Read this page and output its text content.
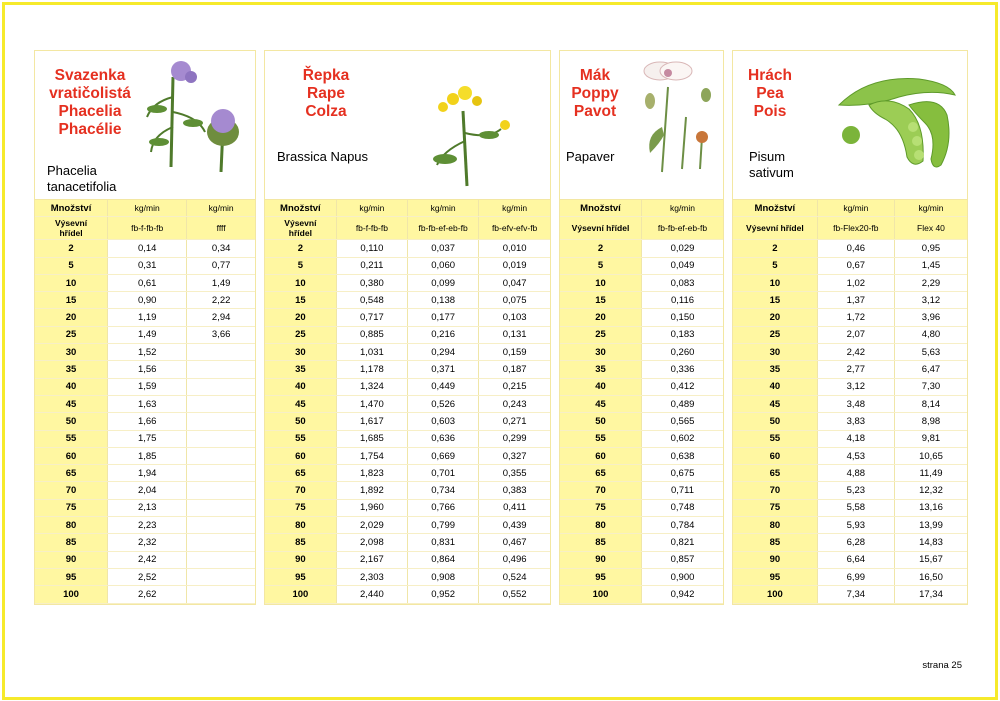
Svazenka
vratičolistá
Phacelia
Phacélie
Phacelia
tanacetifolia
Množství	kg/min	kg/min
Výsevní
hřídel	fb-f-fb-fb	ffff
2	0,14	0,34
5	0,31	0,77
10	0,61	1,49
15	0,90	2,22
20	1,19	2,94
25	1,49	3,66
30	1,52	
35	1,56	
40	1,59	
45	1,63	
50	1,66	
55	1,75	
60	1,85	
65	1,94	
70	2,04	
75	2,13	
80	2,23	
85	2,32	
90	2,42	
95	2,52	
100	2,62	
Řepka
Rape
Colza
Brassica Napus
Množství	kg/min	kg/min	kg/min
Výsevní
hřídel	fb-f-fb-fb	fb-fb-ef-eb-fb	fb-efv-efv-fb
2	0,110	0,037	0,010
5	0,211	0,060	0,019
10	0,380	0,099	0,047
15	0,548	0,138	0,075
20	0,717	0,177	0,103
25	0,885	0,216	0,131
30	1,031	0,294	0,159
35	1,178	0,371	0,187
40	1,324	0,449	0,215
45	1,470	0,526	0,243
50	1,617	0,603	0,271
55	1,685	0,636	0,299
60	1,754	0,669	0,327
65	1,823	0,701	0,355
70	1,892	0,734	0,383
75	1,960	0,766	0,411
80	2,029	0,799	0,439
85	2,098	0,831	0,467
90	2,167	0,864	0,496
95	2,303	0,908	0,524
100	2,440	0,952	0,552
Mák
Poppy
Pavot
Papaver
Množství	kg/min
Výsevní hřídel	fb-fb-ef-eb-fb
2	0,029
5	0,049
10	0,083
15	0,116
20	0,150
25	0,183
30	0,260
35	0,336
40	0,412
45	0,489
50	0,565
55	0,602
60	0,638
65	0,675
70	0,711
75	0,748
80	0,784
85	0,821
90	0,857
95	0,900
100	0,942
Hrách
Pea
Pois
Pisum
sativum
Množství	kg/min	kg/min
Výsevní hřídel	fb-Flex20-fb	Flex 40
2	0,46	0,95
5	0,67	1,45
10	1,02	2,29
15	1,37	3,12
20	1,72	3,96
25	2,07	4,80
30	2,42	5,63
35	2,77	6,47
40	3,12	7,30
45	3,48	8,14
50	3,83	8,98
55	4,18	9,81
60	4,53	10,65
65	4,88	11,49
70	5,23	12,32
75	5,58	13,16
80	5,93	13,99
85	6,28	14,83
90	6,64	15,67
95	6,99	16,50
100	7,34	17,34
strana 25
